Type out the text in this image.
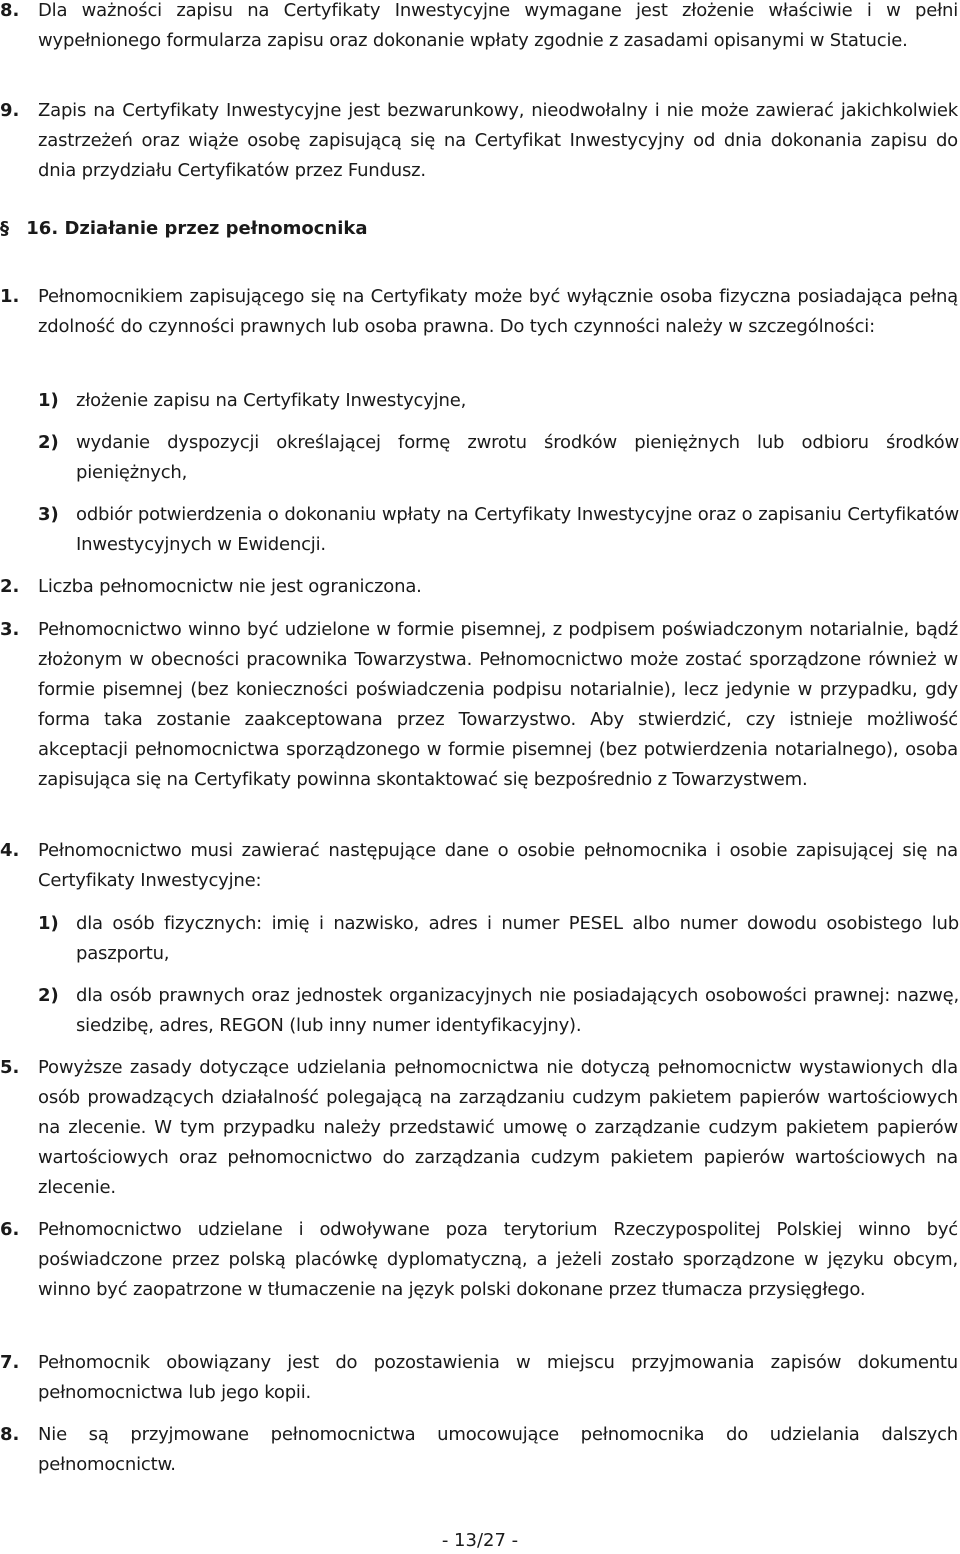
8. Dla ważności zapisu na Certyfikaty Inwestycyjne wymagane jest złożenie właściwie i w pełni wypełnionego formularza zapisu oraz dokonanie wpłaty zgodnie z zasadami opisanymi w Statucie.
9. Zapis na Certyfikaty Inwestycyjne jest bezwarunkowy, nieodwołalny i nie może zawierać jakichkolwiek zastrzeżeń oraz wiąże osobę zapisującą się na Certyfikat Inwestycyjny od dnia dokonania zapisu do dnia przydziału Certyfikatów przez Fundusz.
§ 16. Działanie przez pełnomocnika
1. Pełnomocnikiem zapisującego się na Certyfikaty może być wyłącznie osoba fizyczna posiadająca pełną zdolność do czynności prawnych lub osoba prawna. Do tych czynności należy w szczególności:
1) złożenie zapisu na Certyfikaty Inwestycyjne,
2) wydanie dyspozycji określającej formę zwrotu środków pieniężnych lub odbioru środków pieniężnych,
3) odbiór potwierdzenia o dokonaniu wpłaty na Certyfikaty Inwestycyjne oraz o zapisaniu Certyfikatów Inwestycyjnych w Ewidencji.
2. Liczba pełnomocnictw nie jest ograniczona.
3. Pełnomocnictwo winno być udzielone w formie pisemnej, z podpisem poświadczonym notarialnie, bądź złożonym w obecności pracownika Towarzystwa. Pełnomocnictwo może zostać sporządzone również w formie pisemnej (bez konieczności poświadczenia podpisu notarialnie), lecz jedynie w przypadku, gdy forma taka zostanie zaakceptowana przez Towarzystwo. Aby stwierdzić, czy istnieje możliwość akceptacji pełnomocnictwa sporządzonego w formie pisemnej (bez potwierdzenia notarialnego), osoba zapisująca się na Certyfikaty powinna skontaktować się bezpośrednio z Towarzystwem.
4. Pełnomocnictwo musi zawierać następujące dane o osobie pełnomocnika i osobie zapisującej się na Certyfikaty Inwestycyjne:
1) dla osób fizycznych: imię i nazwisko, adres i numer PESEL albo numer dowodu osobistego lub paszportu,
2) dla osób prawnych oraz jednostek organizacyjnych nie posiadających osobowości prawnej: nazwę, siedzibę, adres, REGON (lub inny numer identyfikacyjny).
5. Powyższe zasady dotyczące udzielania pełnomocnictwa nie dotyczą pełnomocnictw wystawionych dla osób prowadzących działalność polegającą na zarządzaniu cudzym pakietem papierów wartościowych na zlecenie. W tym przypadku należy przedstawić umowę o zarządzanie cudzym pakietem papierów wartościowych oraz pełnomocnictwo do zarządzania cudzym pakietem papierów wartościowych na zlecenie.
6. Pełnomocnictwo udzielane i odwoływane poza terytorium Rzeczypospolitej Polskiej winno być poświadczone przez polską placówkę dyplomatyczną, a jeżeli zostało sporządzone w języku obcym, winno być zaopatrzone w tłumaczenie na język polski dokonane przez tłumacza przysięgłego.
7. Pełnomocnik obowiązany jest do pozostawienia w miejscu przyjmowania zapisów dokumentu pełnomocnictwa lub jego kopii.
8. Nie są przyjmowane pełnomocnictwa umocowujące pełnomocnika do udzielania dalszych pełnomocnictw.
- 13/27 -
